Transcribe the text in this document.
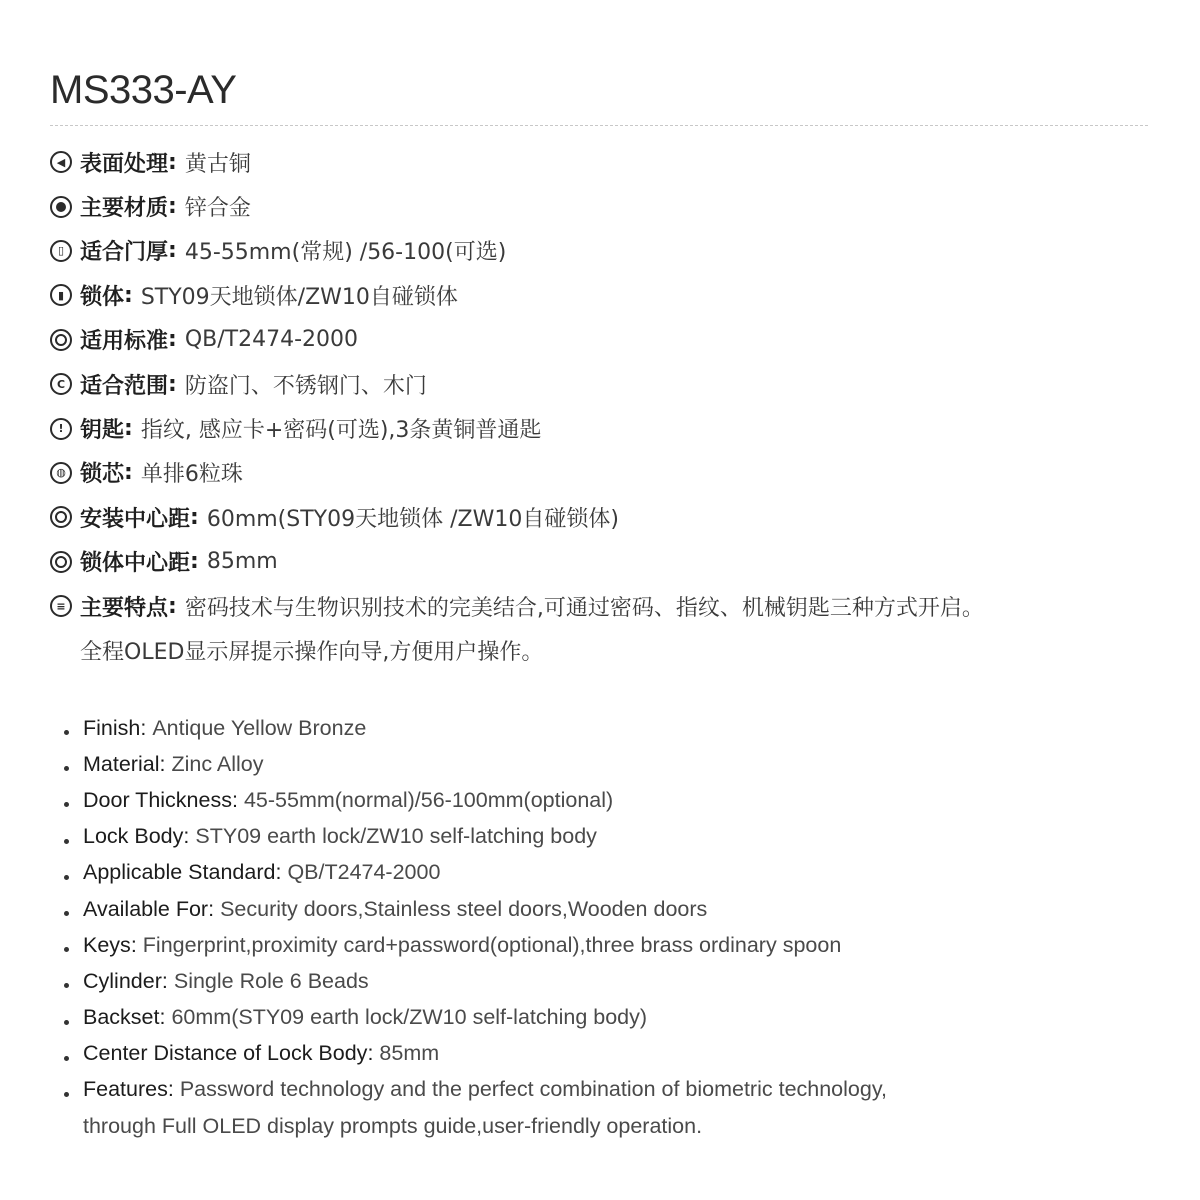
MS333-AY
◀ 表面处理 : 黄古铜
主要材质 : 锌合金
▯ 适合门厚 : 45-55mm(常规) /56-100(可选)
▮ 锁体 : STY09天地锁体/ZW10自碰锁体
适用标准 : QB/T2474-2000
C 适合范围 : 防盗门、不锈钢门、木门
! 钥匙 : 指纹, 感应卡+密码(可选),3条黄铜普通匙
◍ 锁芯 : 单排6粒珠
安装中心距 : 60mm(STY09天地锁体 /ZW10自碰锁体)
锁体中心距 : 85mm
≡ 主要特点 : 密码技术与生物识别技术的完美结合,可通过密码、指纹、机械钥匙三种方式开启。
全程OLED显示屏提示操作向导,方便用户操作。
Finish : Antique Yellow Bronze
Material : Zinc Alloy
Door Thickness : 45-55mm(normal)/56-100mm(optional)
Lock Body : STY09 earth lock/ZW10 self-latching body
Applicable Standard : QB/T2474-2000
Available For : Security doors,Stainless steel doors,Wooden doors
Keys : Fingerprint,proximity card+password(optional),three brass ordinary spoon
Cylinder : Single Role 6 Beads
Backset : 60mm(STY09 earth lock/ZW10 self-latching body)
Center Distance of Lock Body : 85mm
Features : Password technology and the perfect combination of biometric technology,
through Full OLED display prompts guide,user-friendly operation.
